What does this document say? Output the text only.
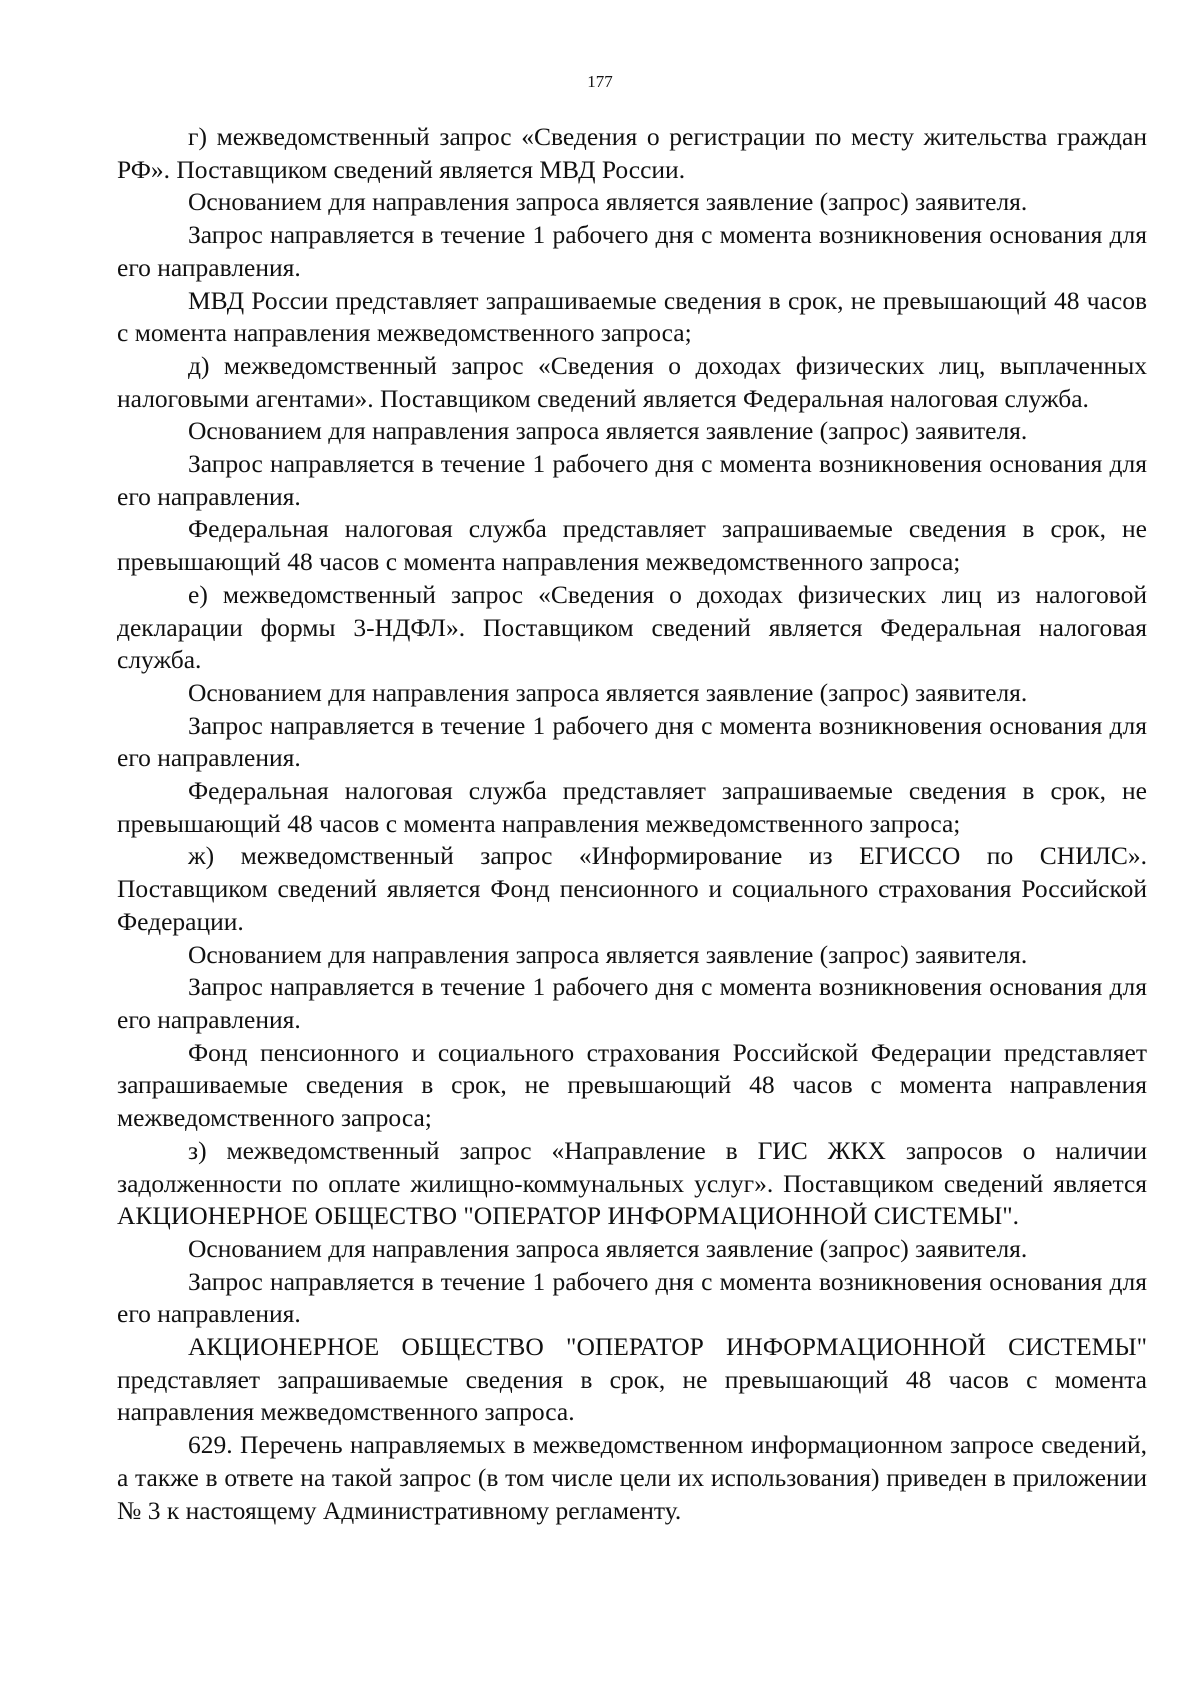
177

г) межведомственный запрос «Сведения о регистрации по месту жительства граждан РФ». Поставщиком сведений является МВД России.

Основанием для направления запроса является заявление (запрос) заявителя.

Запрос направляется в течение 1 рабочего дня с момента возникновения основания для его направления.

МВД России представляет запрашиваемые сведения в срок, не превышающий 48 часов с момента направления межведомственного запроса;

д) межведомственный запрос «Сведения о доходах физических лиц, выплаченных налоговыми агентами». Поставщиком сведений является Федеральная налоговая служба.

Основанием для направления запроса является заявление (запрос) заявителя.

Запрос направляется в течение 1 рабочего дня с момента возникновения основания для его направления.

Федеральная налоговая служба представляет запрашиваемые сведения в срок, не превышающий 48 часов с момента направления межведомственного запроса;

е) межведомственный запрос «Сведения о доходах физических лиц из налоговой декларации формы 3-НДФЛ». Поставщиком сведений является Федеральная налоговая служба.

Основанием для направления запроса является заявление (запрос) заявителя.

Запрос направляется в течение 1 рабочего дня с момента возникновения основания для его направления.

Федеральная налоговая служба представляет запрашиваемые сведения в срок, не превышающий 48 часов с момента направления межведомственного запроса;

ж) межведомственный запрос «Информирование из ЕГИССО по СНИЛС». Поставщиком сведений является Фонд пенсионного и социального страхования Российской Федерации.

Основанием для направления запроса является заявление (запрос) заявителя.

Запрос направляется в течение 1 рабочего дня с момента возникновения основания для его направления.

Фонд пенсионного и социального страхования Российской Федерации представляет запрашиваемые сведения в срок, не превышающий 48 часов с момента направления межведомственного запроса;

з) межведомственный запрос «Направление в ГИС ЖКХ запросов о наличии задолженности по оплате жилищно-коммунальных услуг». Поставщиком сведений является АКЦИОНЕРНОЕ ОБЩЕСТВО "ОПЕРАТОР ИНФОРМАЦИОННОЙ СИСТЕМЫ".

Основанием для направления запроса является заявление (запрос) заявителя.

Запрос направляется в течение 1 рабочего дня с момента возникновения основания для его направления.

АКЦИОНЕРНОЕ ОБЩЕСТВО "ОПЕРАТОР ИНФОРМАЦИОННОЙ СИСТЕМЫ" представляет запрашиваемые сведения в срок, не превышающий 48 часов с момента направления межведомственного запроса.

629. Перечень направляемых в межведомственном информационном запросе сведений, а также в ответе на такой запрос (в том числе цели их использования) приведен в приложении № 3 к настоящему Административному регламенту.
